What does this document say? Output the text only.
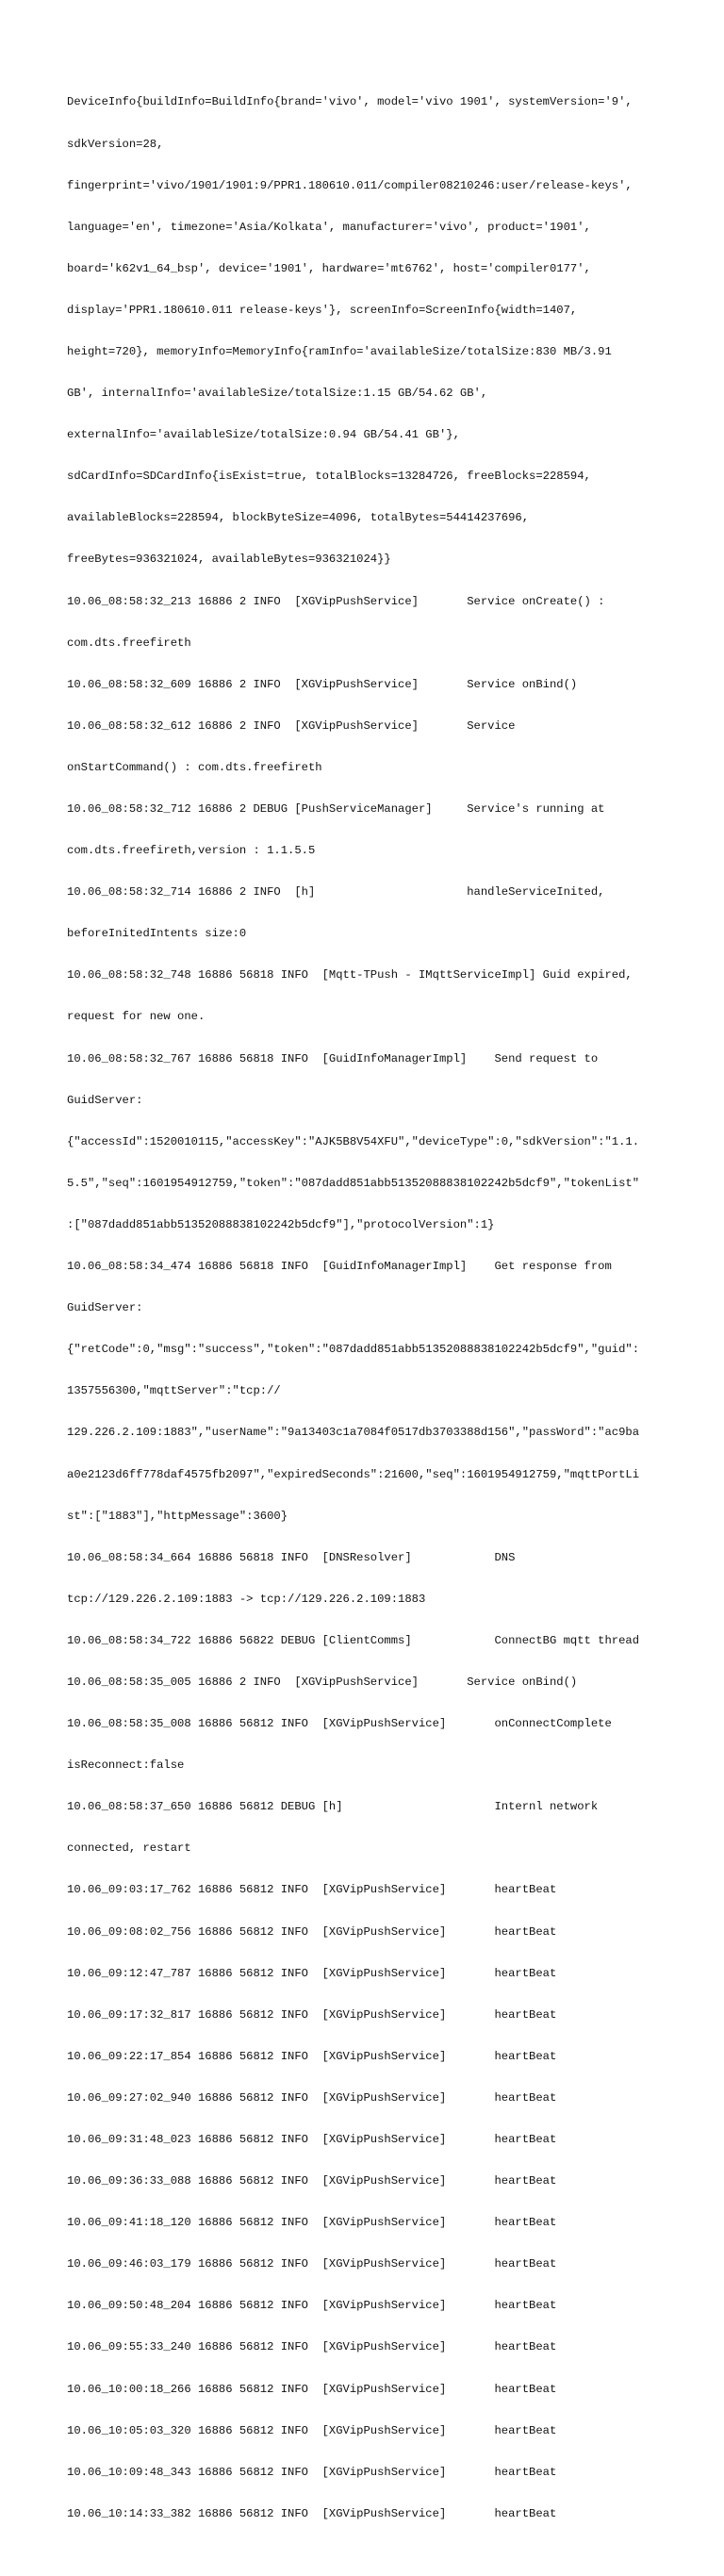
DeviceInfo{buildInfo=BuildInfo{brand='vivo', model='vivo 1901', systemVersion='9',

sdkVersion=28,

fingerprint='vivo/1901/1901:9/PPR1.180610.011/compiler08210246:user/release-keys',

language='en', timezone='Asia/Kolkata', manufacturer='vivo', product='1901',

board='k62v1_64_bsp', device='1901', hardware='mt6762', host='compiler0177',

display='PPR1.180610.011 release-keys'}, screenInfo=ScreenInfo{width=1407,

height=720}, memoryInfo=MemoryInfo{ramInfo='availableSize/totalSize:830 MB/3.91

GB', internalInfo='availableSize/totalSize:1.15 GB/54.62 GB',

externalInfo='availableSize/totalSize:0.94 GB/54.41 GB'},

sdCardInfo=SDCardInfo{isExist=true, totalBlocks=13284726, freeBlocks=228594,

availableBlocks=228594, blockByteSize=4096, totalBytes=54414237696,

freeBytes=936321024, availableBytes=936321024}}

10.06_08:58:32_213 16886 2 INFO  [XGVipPushService]       Service onCreate() :

com.dts.freefireth

10.06_08:58:32_609 16886 2 INFO  [XGVipPushService]       Service onBind()

10.06_08:58:32_612 16886 2 INFO  [XGVipPushService]       Service

onStartCommand() : com.dts.freefireth

10.06_08:58:32_712 16886 2 DEBUG [PushServiceManager]     Service's running at

com.dts.freefireth,version : 1.1.5.5

10.06_08:58:32_714 16886 2 INFO  [h]                      handleServiceInited,

beforeInitedIntents size:0

10.06_08:58:32_748 16886 56818 INFO  [Mqtt-TPush - IMqttServiceImpl] Guid expired,

request for new one.

10.06_08:58:32_767 16886 56818 INFO  [GuidInfoManagerImpl]    Send request to

GuidServer:

{"accessId":1520010115,"accessKey":"AJK5B8V54XFU","deviceType":0,"sdkVersion":"1.1.

5.5","seq":1601954912759,"token":"087dadd851abb51352088838102242b5dcf9","tokenList"

:["087dadd851abb51352088838102242b5dcf9"],"protocolVersion":1}

10.06_08:58:34_474 16886 56818 INFO  [GuidInfoManagerImpl]    Get response from

GuidServer:

{"retCode":0,"msg":"success","token":"087dadd851abb51352088838102242b5dcf9","guid":

1357556300,"mqttServer":"tcp://

129.226.2.109:1883","userName":"9a13403c1a7084f0517db3703388d156","passWord":"ac9ba

a0e2123d6ff778daf4575fb2097","expiredSeconds":21600,"seq":1601954912759,"mqttPortLi

st":["1883"],"httpMessage":3600}

10.06_08:58:34_664 16886 56818 INFO  [DNSResolver]            DNS

tcp://129.226.2.109:1883 -> tcp://129.226.2.109:1883

10.06_08:58:34_722 16886 56822 DEBUG [ClientComms]            ConnectBG mqtt thread

10.06_08:58:35_005 16886 2 INFO  [XGVipPushService]       Service onBind()

10.06_08:58:35_008 16886 56812 INFO  [XGVipPushService]       onConnectComplete

isReconnect:false

10.06_08:58:37_650 16886 56812 DEBUG [h]                      Internl network

connected, restart

10.06_09:03:17_762 16886 56812 INFO  [XGVipPushService]       heartBeat

10.06_09:08:02_756 16886 56812 INFO  [XGVipPushService]       heartBeat

10.06_09:12:47_787 16886 56812 INFO  [XGVipPushService]       heartBeat

10.06_09:17:32_817 16886 56812 INFO  [XGVipPushService]       heartBeat

10.06_09:22:17_854 16886 56812 INFO  [XGVipPushService]       heartBeat

10.06_09:27:02_940 16886 56812 INFO  [XGVipPushService]       heartBeat

10.06_09:31:48_023 16886 56812 INFO  [XGVipPushService]       heartBeat

10.06_09:36:33_088 16886 56812 INFO  [XGVipPushService]       heartBeat

10.06_09:41:18_120 16886 56812 INFO  [XGVipPushService]       heartBeat

10.06_09:46:03_179 16886 56812 INFO  [XGVipPushService]       heartBeat

10.06_09:50:48_204 16886 56812 INFO  [XGVipPushService]       heartBeat

10.06_09:55:33_240 16886 56812 INFO  [XGVipPushService]       heartBeat

10.06_10:00:18_266 16886 56812 INFO  [XGVipPushService]       heartBeat

10.06_10:05:03_320 16886 56812 INFO  [XGVipPushService]       heartBeat

10.06_10:09:48_343 16886 56812 INFO  [XGVipPushService]       heartBeat

10.06_10:14:33_382 16886 56812 INFO  [XGVipPushService]       heartBeat
